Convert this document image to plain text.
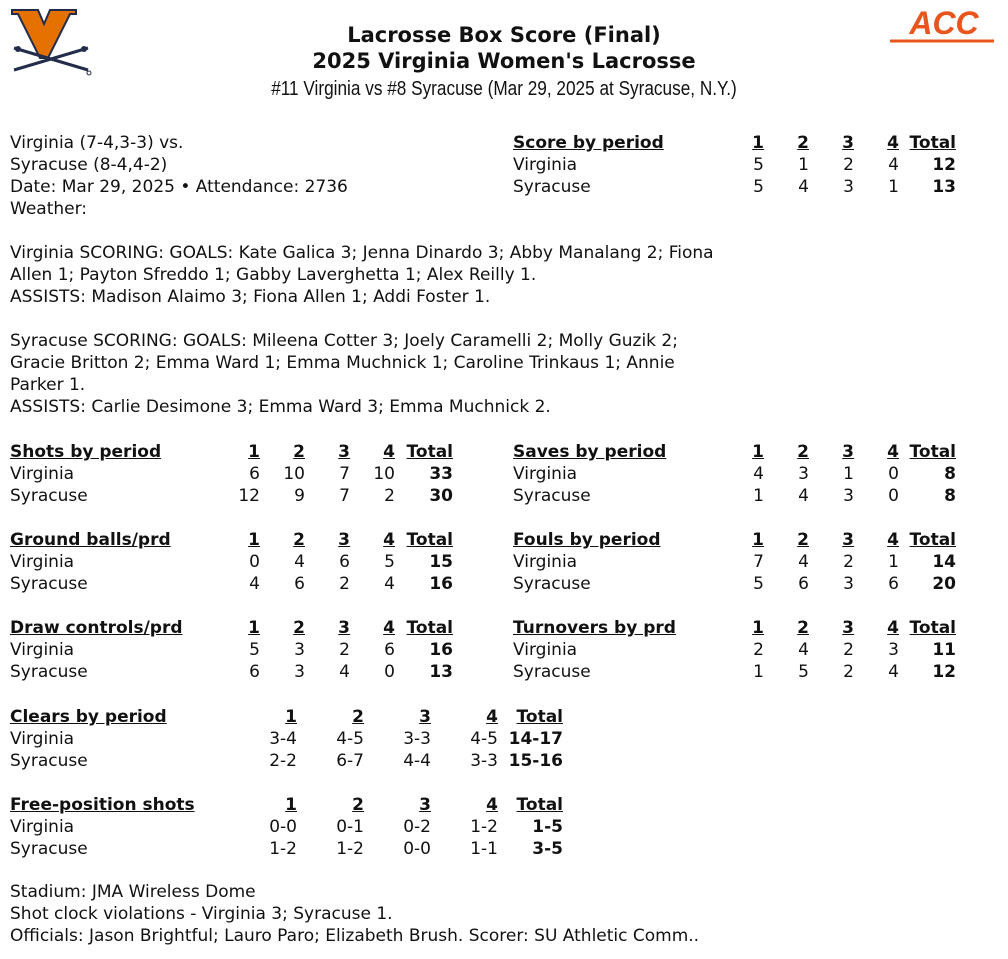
ACC
Lacrosse Box Score (Final)
2025 Virginia Women's Lacrosse
#11 Virginia vs #8 Syracuse (Mar 29, 2025 at Syracuse, N.Y.)
Virginia (7-4,3-3) vs.
Syracuse (8-4,4-2)
Date: Mar 29, 2025 • Attendance: 2736
Weather:
Score by period	1	2	3	4	Total
Virginia	5	1	2	4	12
Syracuse	5	4	3	1	13
Virginia SCORING: GOALS: Kate Galica 3; Jenna Dinardo 3; Abby Manalang 2; Fiona
Allen 1; Payton Sfreddo 1; Gabby Laverghetta 1; Alex Reilly 1.
ASSISTS: Madison Alaimo 3; Fiona Allen 1; Addi Foster 1.
Syracuse SCORING: GOALS: Mileena Cotter 3; Joely Caramelli 2; Molly Guzik 2;
Gracie Britton 2; Emma Ward 1; Emma Muchnick 1; Caroline Trinkaus 1; Annie
Parker 1.
ASSISTS: Carlie Desimone 3; Emma Ward 3; Emma Muchnick 2.
Shots by period	1	2	3	4	Total
Virginia	6	10	7	10	33
Syracuse	12	9	7	2	30
Saves by period	1	2	3	4	Total
Virginia	4	3	1	0	8
Syracuse	1	4	3	0	8
Ground balls/prd	1	2	3	4	Total
Virginia	0	4	6	5	15
Syracuse	4	6	2	4	16
Fouls by period	1	2	3	4	Total
Virginia	7	4	2	1	14
Syracuse	5	6	3	6	20
Draw controls/prd	1	2	3	4	Total
Virginia	5	3	2	6	16
Syracuse	6	3	4	0	13
Turnovers by prd	1	2	3	4	Total
Virginia	2	4	2	3	11
Syracuse	1	5	2	4	12
Clears by period	1	2	3	4	Total
Virginia	3-4	4-5	3-3	4-5	14-17
Syracuse	2-2	6-7	4-4	3-3	15-16
Free-position shots	1	2	3	4	Total
Virginia	0-0	0-1	0-2	1-2	1-5
Syracuse	1-2	1-2	0-0	1-1	3-5
Stadium: JMA Wireless Dome
Shot clock violations - Virginia 3; Syracuse 1.
Officials: Jason Brightful; Lauro Paro; Elizabeth Brush. Scorer: SU Athletic Comm..
